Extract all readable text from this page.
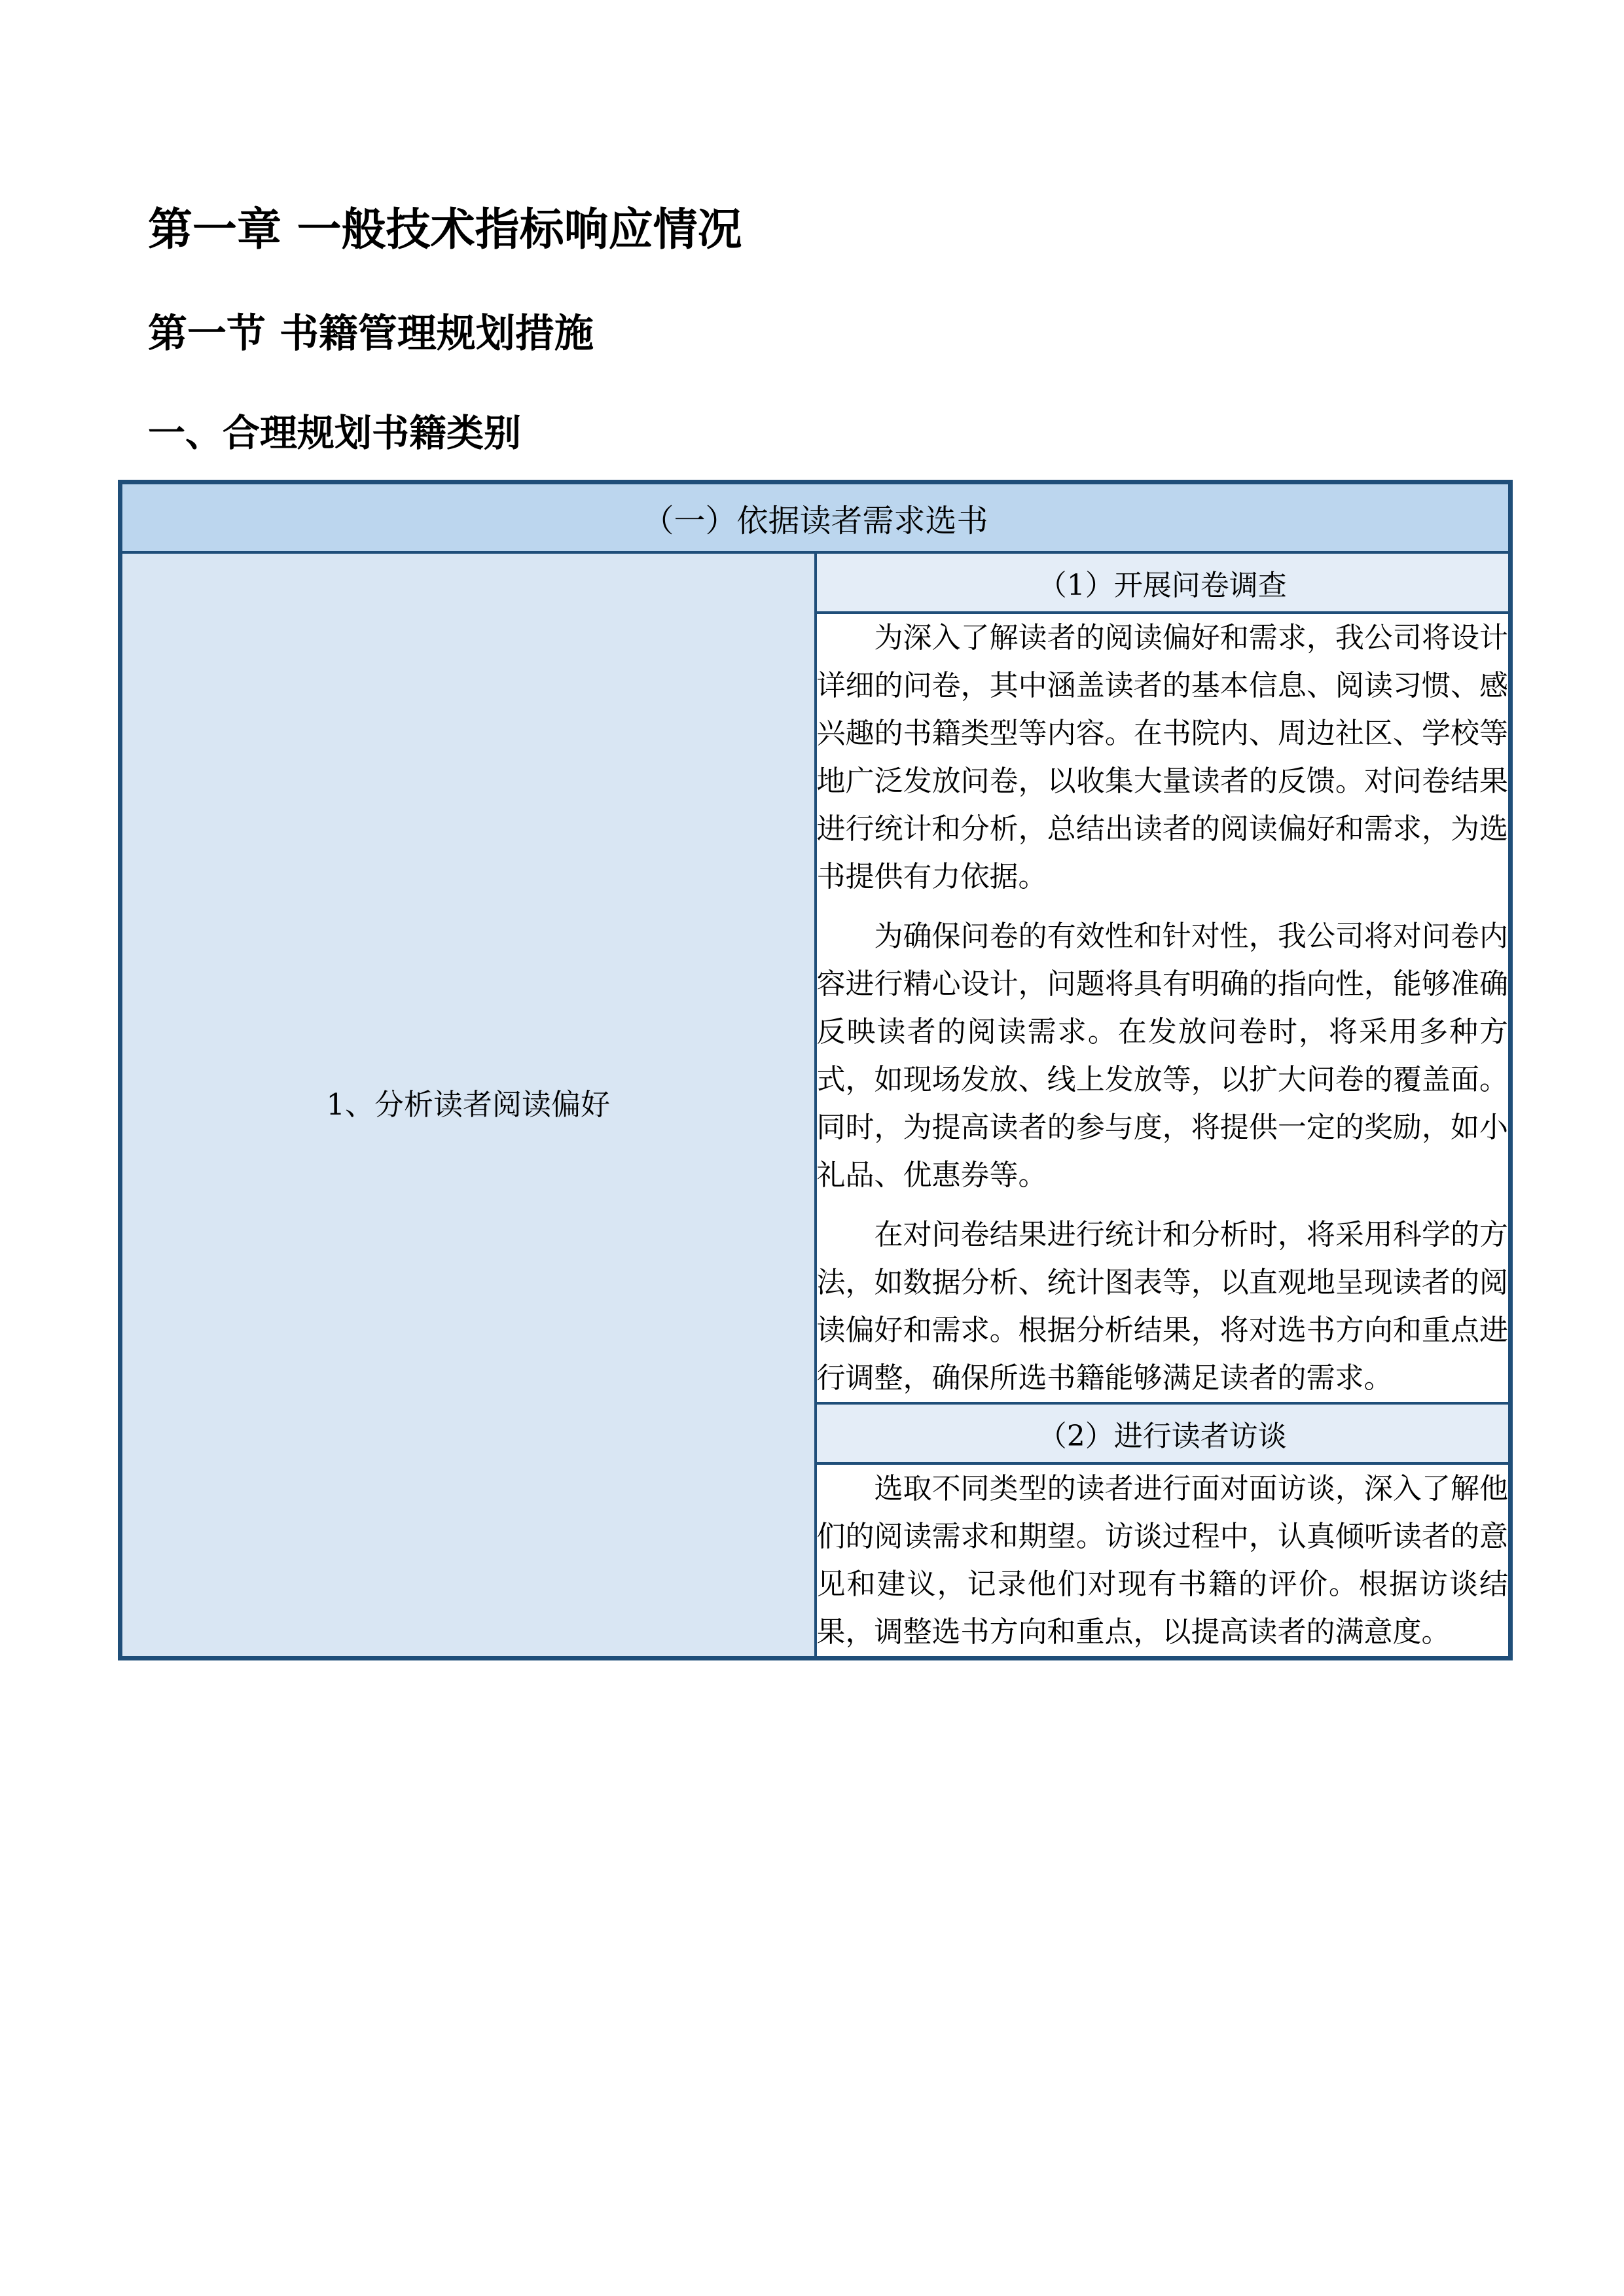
第一章 一般技术指标响应情况
第一节 书籍管理规划措施
一、合理规划书籍类别
（一）依据读者需求选书
1、分析读者阅读偏好	（1）开展问卷调查

为深入了解读者的阅读偏好和需求，我公司将设计详细的问卷，其中涵盖读者的基本信息、阅读习惯、感兴趣的书籍类型等内容。在书院内、周边社区、学校等地广泛发放问卷，以收集大量读者的反馈。对问卷结果进行统计和分析，总结出读者的阅读偏好和需求，为选书提供有力依据。

为确保问卷的有效性和针对性，我公司将对问卷内容进行精心设计，问题将具有明确的指向性，能够准确反映读者的阅读需求。在发放问卷时，将采用多种方式，如现场发放、线上发放等，以扩大问卷的覆盖面。同时，为提高读者的参与度，将提供一定的奖励，如小礼品、优惠券等。

在对问卷结果进行统计和分析时，将采用科学的方法，如数据分析、统计图表等，以直观地呈现读者的阅读偏好和需求。根据分析结果，将对选书方向和重点进行调整，确保所选书籍能够满足读者的需求。

（2）进行读者访谈

选取不同类型的读者进行面对面访谈，深入了解他们的阅读需求和期望。访谈过程中，认真倾听读者的意见和建议，记录他们对现有书籍的评价。根据访谈结果，调整选书方向和重点，以提高读者的满意度。
